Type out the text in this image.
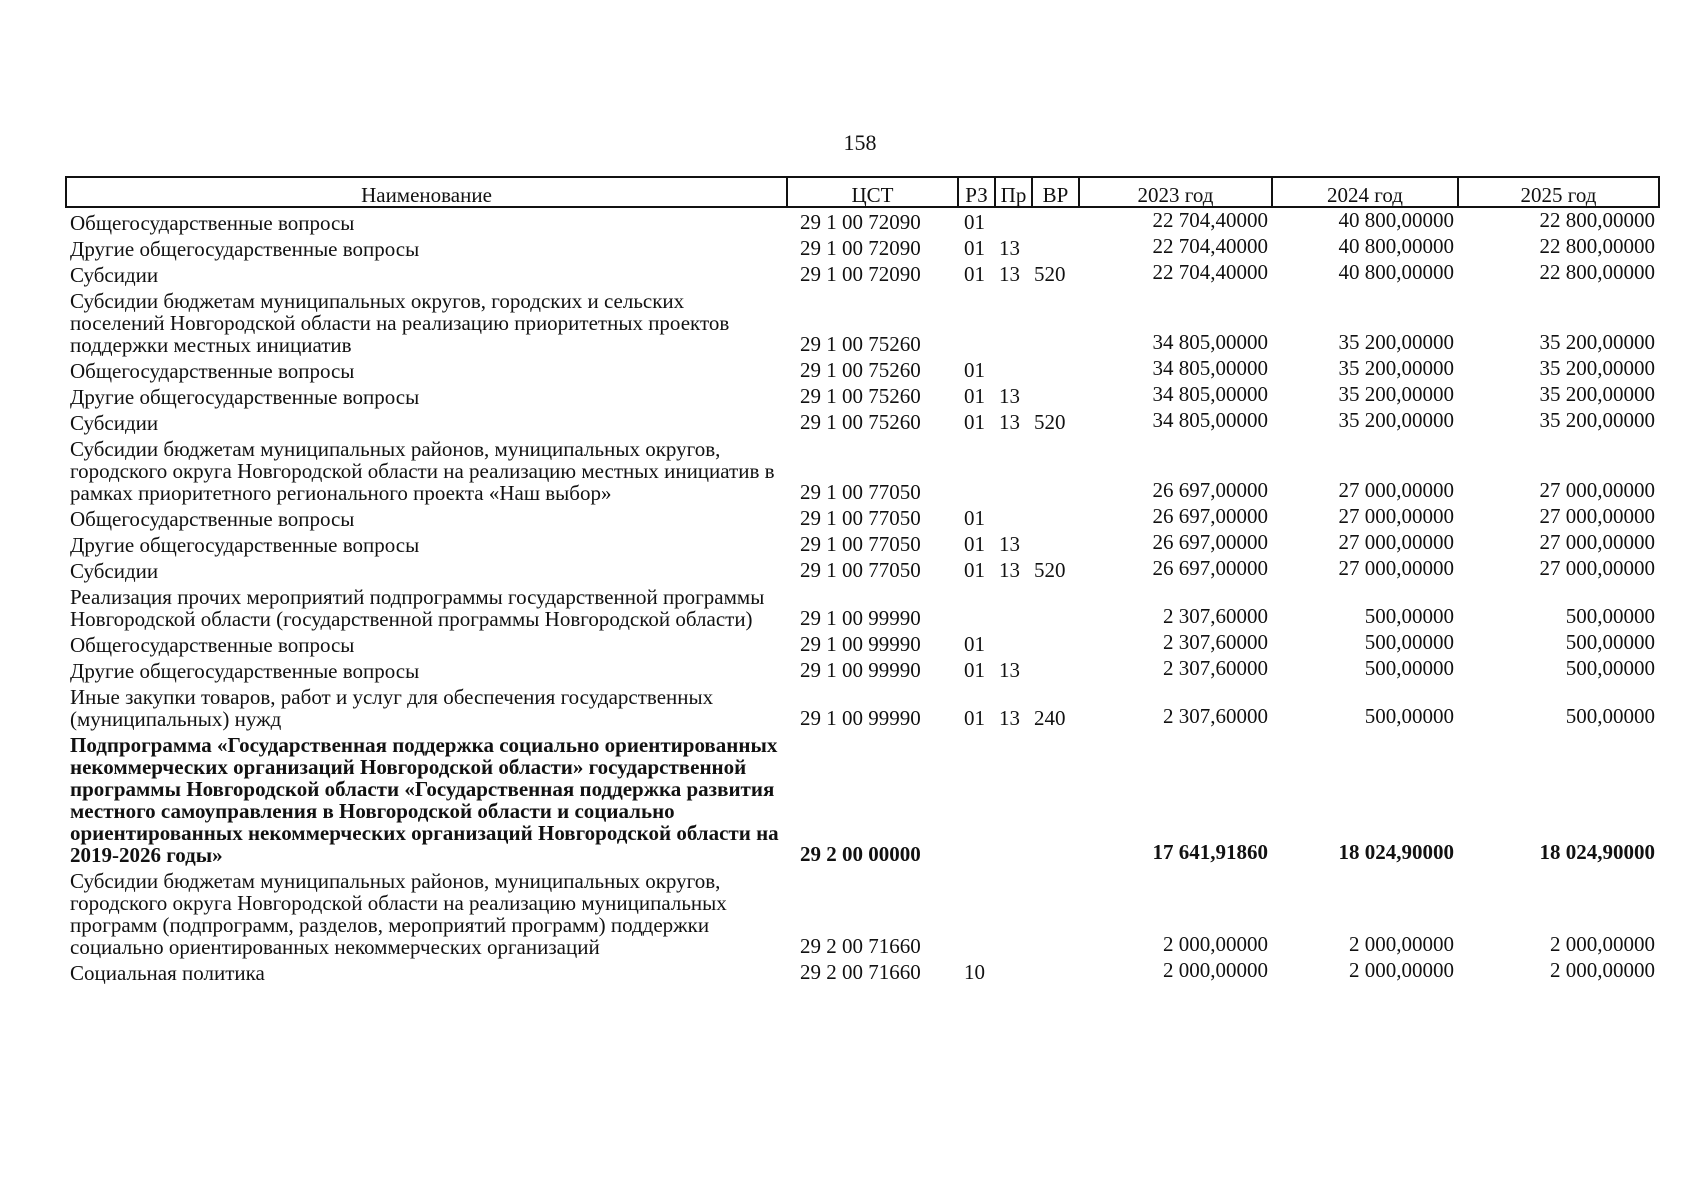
158
Наименование	ЦСТ	РЗ	Пр	ВР	2023 год	2024 год	2025 год
Общегосударственные вопросы	29 1 00 72090	01			22 704,40000	40 800,00000	22 800,00000
Другие общегосударственные вопросы	29 1 00 72090	01	13		22 704,40000	40 800,00000	22 800,00000
Субсидии	29 1 00 72090	01	13	520	22 704,40000	40 800,00000	22 800,00000
Субсидии бюджетам муниципальных округов, городских и сельских поселений Новгородской области на реализацию приоритетных проектов поддержки местных инициатив	29 1 00 75260				34 805,00000	35 200,00000	35 200,00000
Общегосударственные вопросы	29 1 00 75260	01			34 805,00000	35 200,00000	35 200,00000
Другие общегосударственные вопросы	29 1 00 75260	01	13		34 805,00000	35 200,00000	35 200,00000
Субсидии	29 1 00 75260	01	13	520	34 805,00000	35 200,00000	35 200,00000
Субсидии бюджетам муниципальных районов, муниципальных округов, городского округа Новгородской области на реализацию местных инициатив в рамках приоритетного регионального проекта «Наш выбор»	29 1 00 77050				26 697,00000	27 000,00000	27 000,00000
Общегосударственные вопросы	29 1 00 77050	01			26 697,00000	27 000,00000	27 000,00000
Другие общегосударственные вопросы	29 1 00 77050	01	13		26 697,00000	27 000,00000	27 000,00000
Субсидии	29 1 00 77050	01	13	520	26 697,00000	27 000,00000	27 000,00000
Реализация прочих мероприятий подпрограммы государственной программы Новгородской области (государственной программы Новгородской области)	29 1 00 99990				2 307,60000	500,00000	500,00000
Общегосударственные вопросы	29 1 00 99990	01			2 307,60000	500,00000	500,00000
Другие общегосударственные вопросы	29 1 00 99990	01	13		2 307,60000	500,00000	500,00000
Иные закупки товаров, работ и услуг для обеспечения государственных (муниципальных) нужд	29 1 00 99990	01	13	240	2 307,60000	500,00000	500,00000
Подпрограмма «Государственная поддержка социально ориентированных некоммерческих организаций Новгородской области» государственной программы Новгородской области «Государственная поддержка развития местного самоуправления в Новгородской области и социально ориентированных некоммерческих организаций Новгородской области на 2019-2026 годы»	29 2 00 00000				17 641,91860	18 024,90000	18 024,90000
Субсидии бюджетам муниципальных районов, муниципальных округов, городского округа Новгородской области на реализацию муниципальных программ (подпрограмм, разделов, мероприятий программ) поддержки социально ориентированных некоммерческих организаций	29 2 00 71660				2 000,00000	2 000,00000	2 000,00000
Социальная политика	29 2 00 71660	10			2 000,00000	2 000,00000	2 000,00000
